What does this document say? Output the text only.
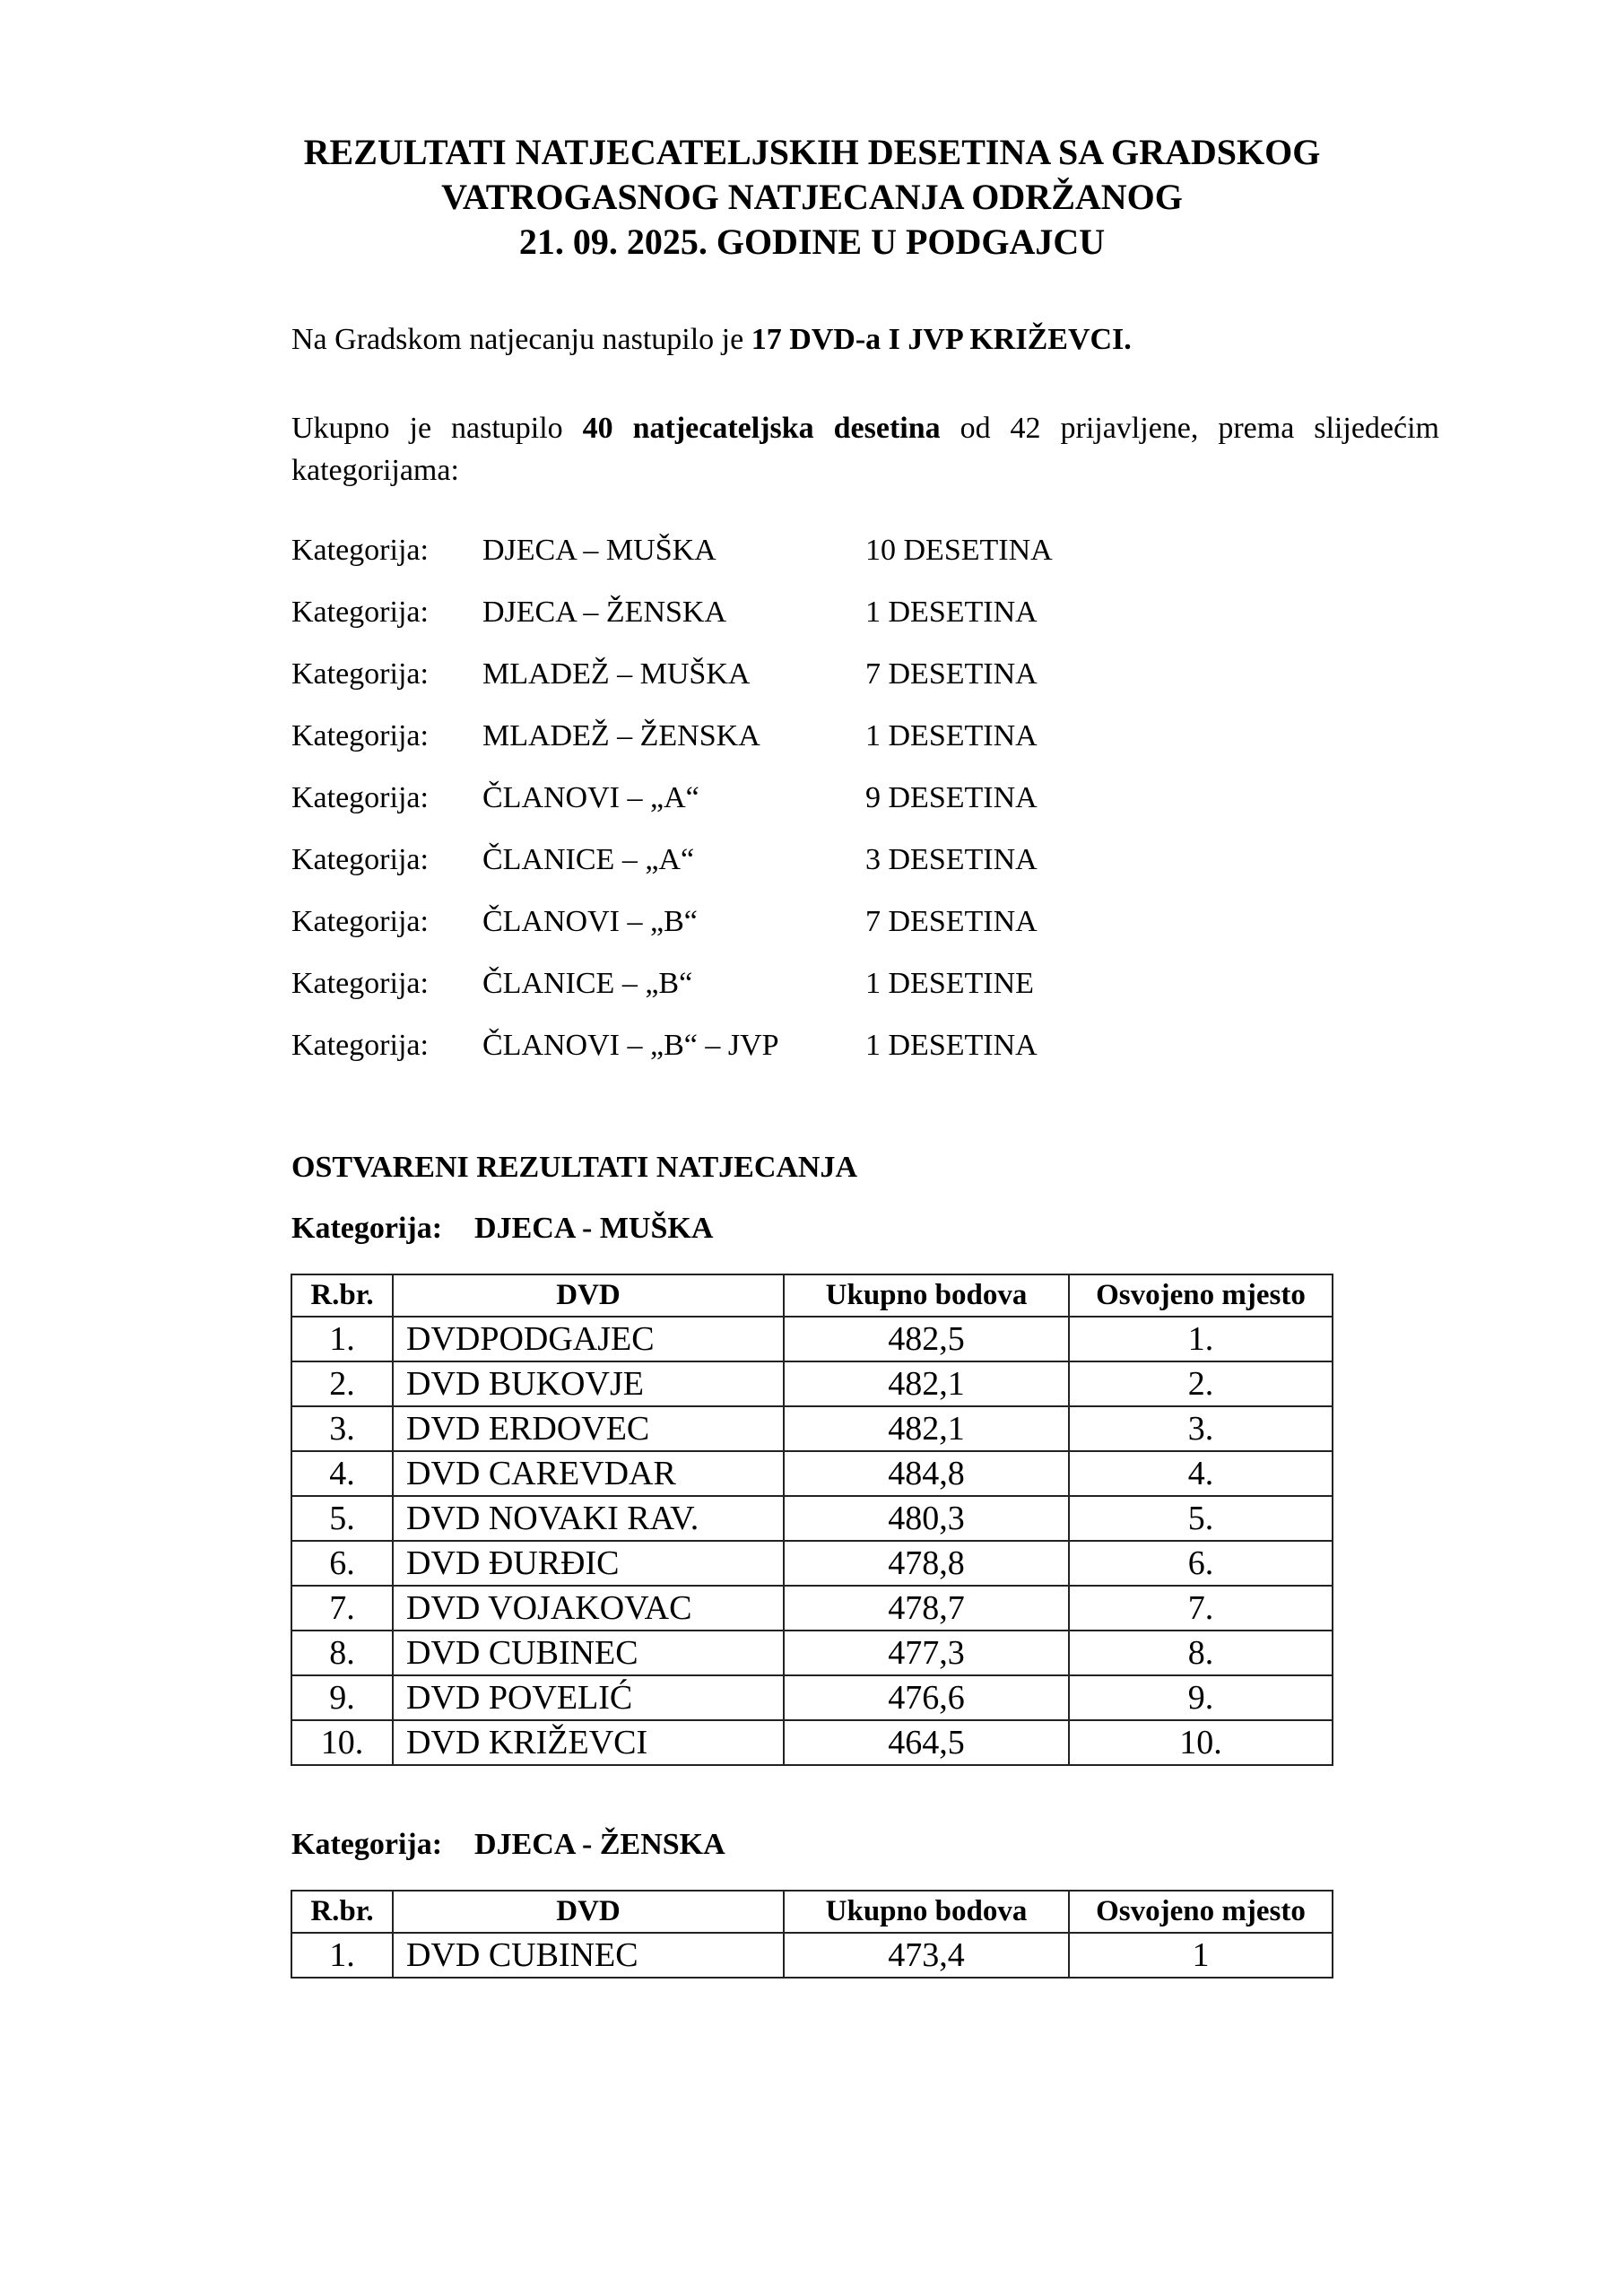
REZULTATI NATJECATELJSKIH DESETINA SA GRADSKOG
VATROGASNOG NATJECANJA ODRŽANOG
21. 09. 2025. GODINE U PODGAJCU
Na Gradskom natjecanju nastupilo je 17 DVD-a I JVP KRIŽEVCI.
Ukupno je nastupilo 40 natjecateljska desetina od 42 prijavljene, prema slijedećim kategorijama:
Kategorija: DJECA – MUŠKA	10 DESETINA
Kategorija: DJECA – ŽENSKA	1 DESETINA
Kategorija: MLADEŽ – MUŠKA	7 DESETINA
Kategorija: MLADEŽ – ŽENSKA	1 DESETINA
Kategorija: ČLANOVI – „A“	9 DESETINA
Kategorija: ČLANICE – „A“	3 DESETINA
Kategorija: ČLANOVI – „B“	7 DESETINA
Kategorija: ČLANICE – „B“	1 DESETINE
Kategorija: ČLANOVI – „B“ – JVP	1 DESETINA
OSTVARENI REZULTATI NATJECANJA
Kategorija: DJECA - MUŠKA
R.br.	DVD	Ukupno bodova	Osvojeno mjesto
1.	DVDPODGAJEC	482,5	1.
2.	DVD BUKOVJE	482,1	2.
3.	DVD ERDOVEC	482,1	3.
4.	DVD CAREVDAR	484,8	4.
5.	DVD NOVAKI RAV.	480,3	5.
6.	DVD ĐURĐIC	478,8	6.
7.	DVD VOJAKOVAC	478,7	7.
8.	DVD CUBINEC	477,3	8.
9.	DVD POVELIĆ	476,6	9.
10.	DVD KRIŽEVCI	464,5	10.
Kategorija: DJECA - ŽENSKA
R.br.	DVD	Ukupno bodova	Osvojeno mjesto
1.	DVD CUBINEC	473,4	1
